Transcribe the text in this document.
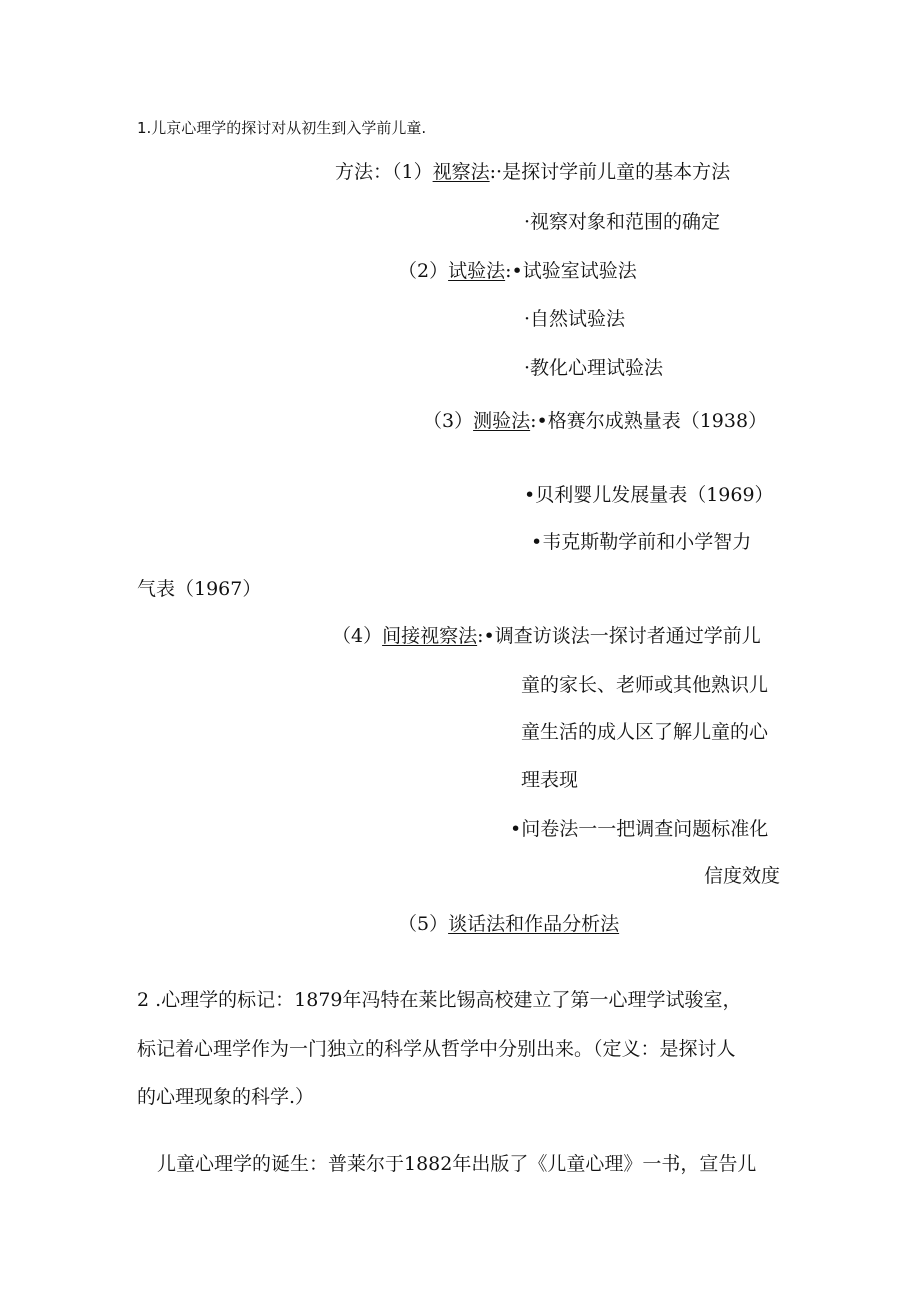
1.儿京心理学的探讨对从初生到入学前儿童.
方法：（1）视察法:·是探讨学前儿童的基本方法
·视察对象和范围的确定
（2）试验法:•试验室试验法
·自然试验法
·教化心理试验法
（3）测验法:•格赛尔成熟量表（1938）
•贝利婴儿发展量表（1969）
•韦克斯勒学前和小学智力
气表（1967）
（4）间接视察法:•调查访谈法一探讨者通过学前儿
童的家长、老师或其他熟识儿
童生活的成人区了解儿童的心
理表现
•问卷法一一把调查问题标准化
信度效度
（5）谈话法和作品分析法
2 .心理学的标记：1879年冯特在莱比锡高校建立了第一心理学试骏室，
标记着心理学作为一门独立的科学从哲学中分别出来。（定义：是探讨人
的心理现象的科学.）
儿童心理学的诞生：普莱尔于1882年出版了《儿童心理》一书，宣告儿
